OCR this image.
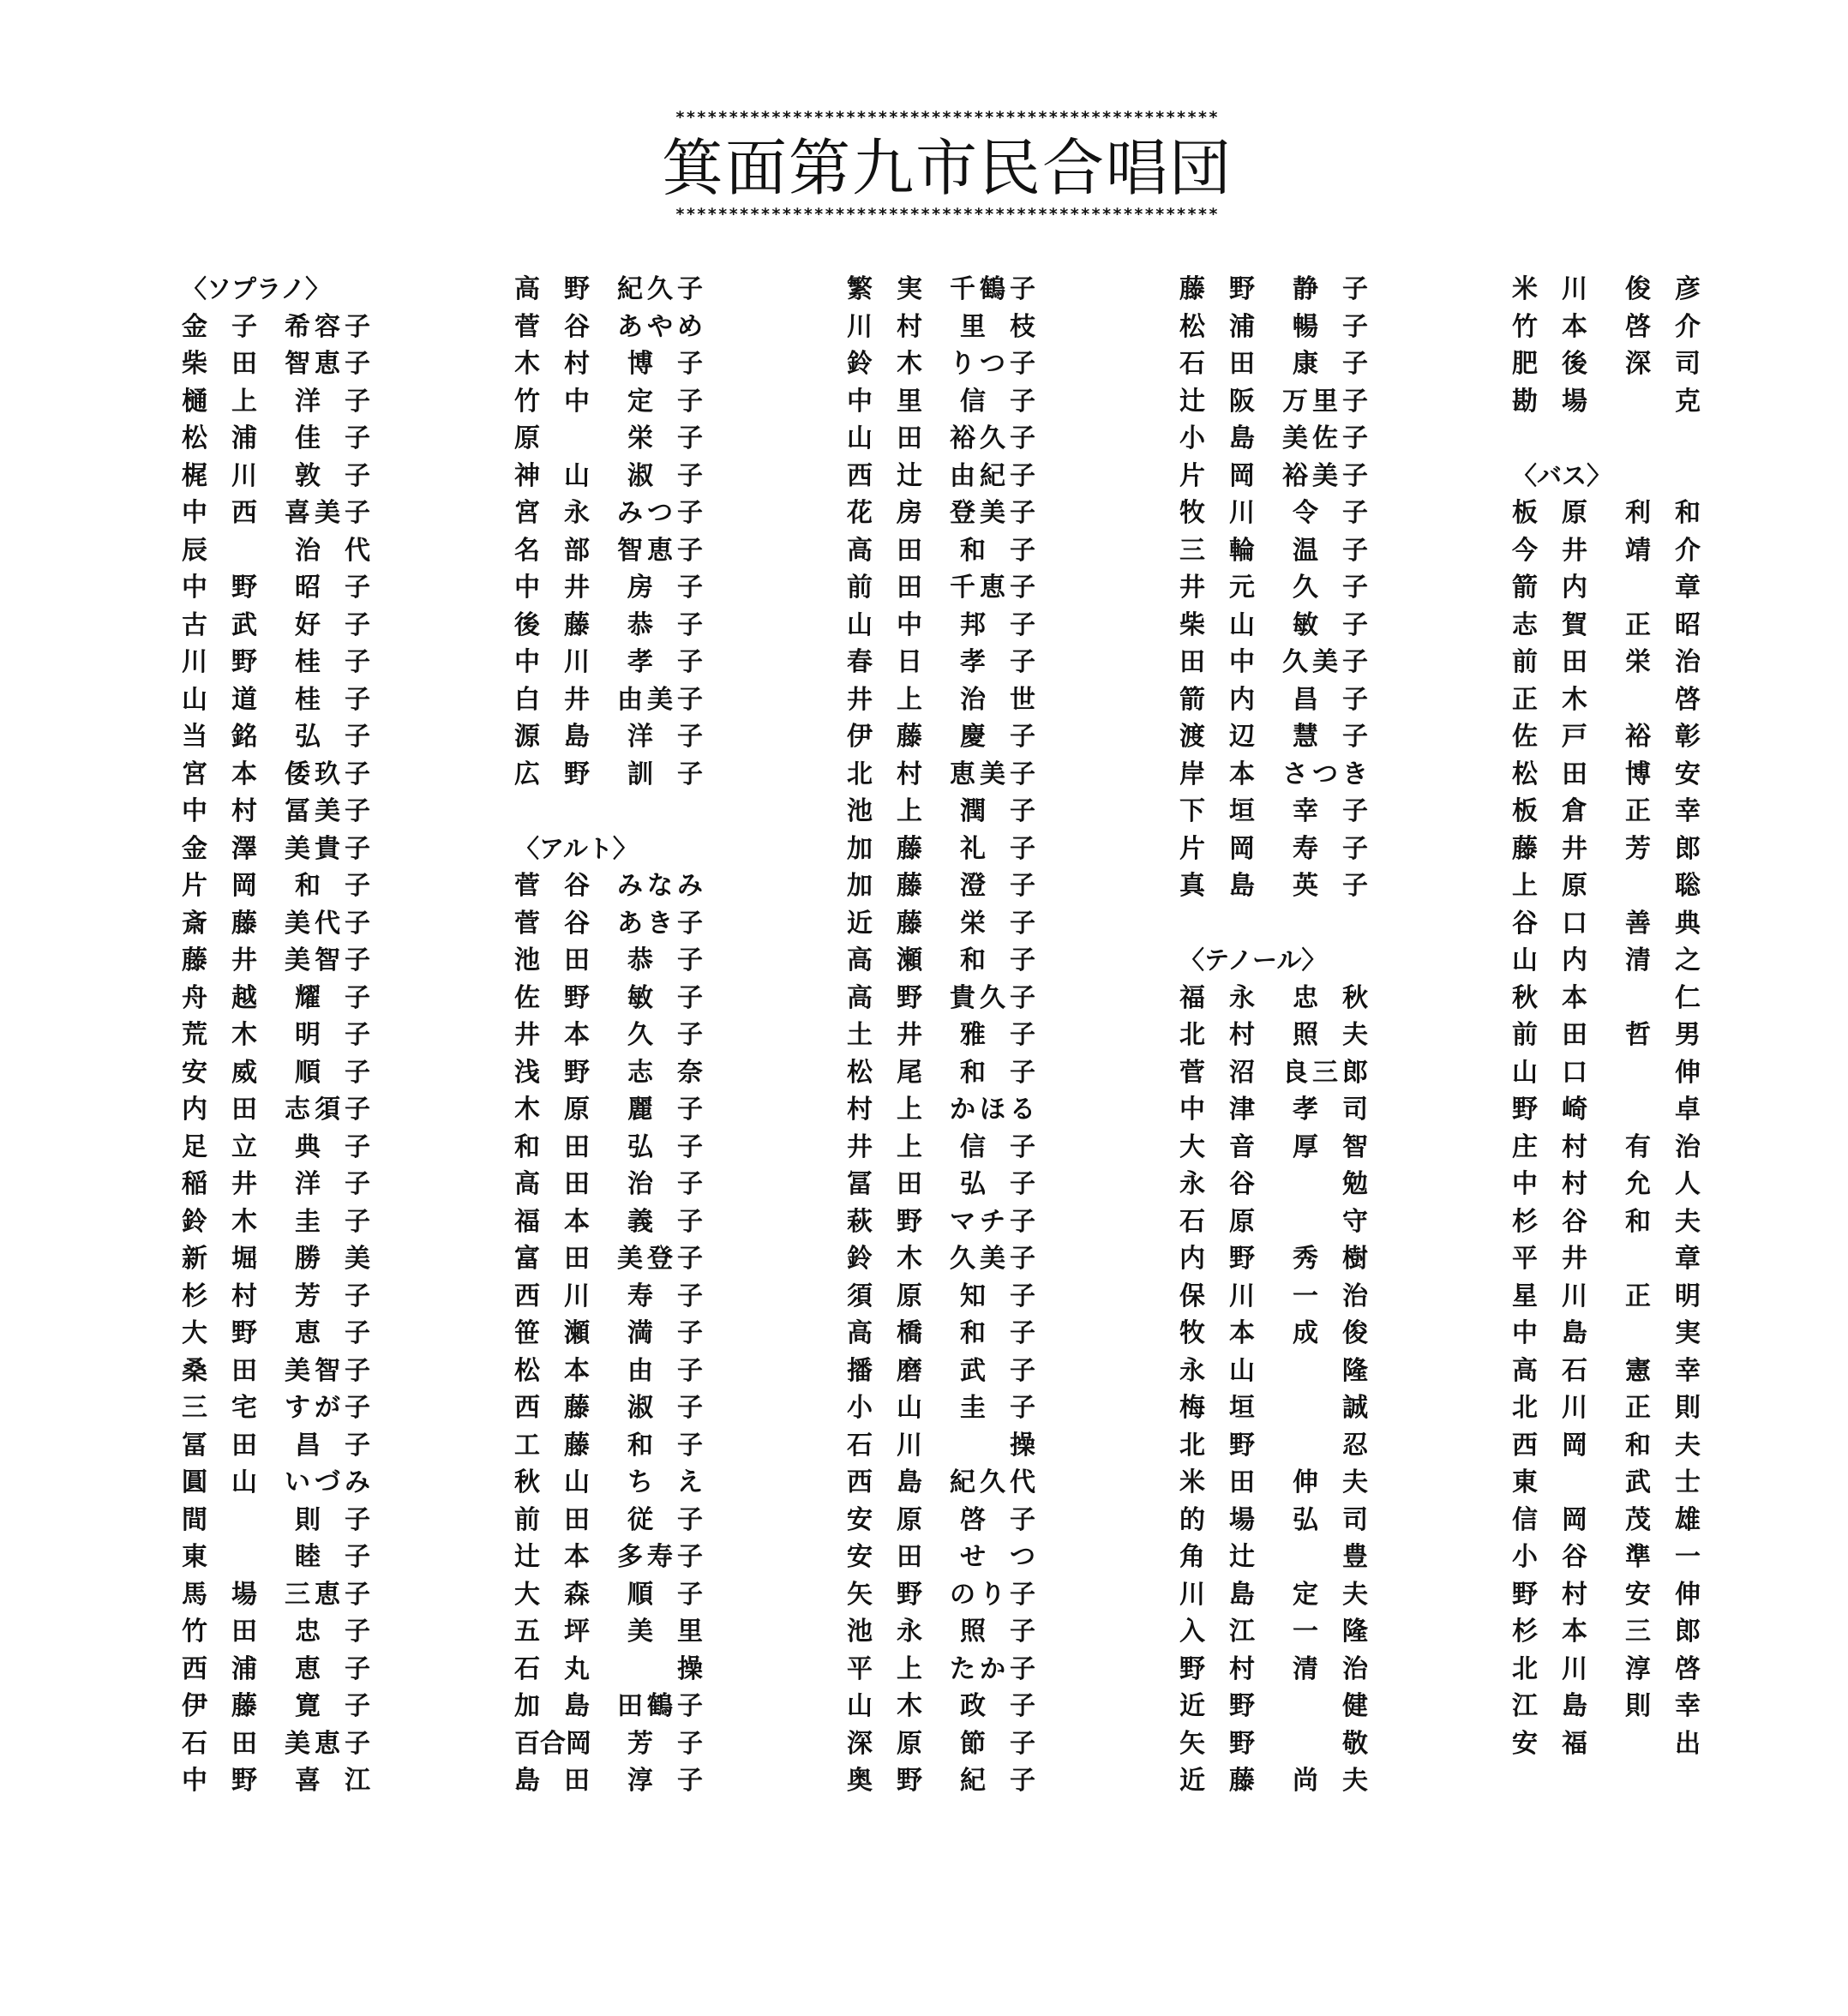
***************************************************
箕面第九市民合唱団
***************************************************
〈ソプラノ〉
金 子 希 容 子
柴 田 智 恵 子
樋 上 洋 子
松 浦 佳 子
梶 川 敦 子
中 西 喜 美 子
辰	治 代
中 野 昭 子
古 武 好 子
川 野 桂 子
山 道 桂 子
当 銘 弘 子
宮 本 倭 玖 子
中 村 冨 美 子
金 澤 美 貴 子
片 岡 和 子
斎 藤 美 代 子
藤 井 美 智 子
舟 越 耀 子
荒 木 明 子
安 威 順 子
内 田 志 須 子
足 立 典 子
稲 井 洋 子
鈴 木 圭 子
新 堀 勝 美
杉 村 芳 子
大 野 恵 子
桑 田 美 智 子
三 宅 す が 子
冨 田 昌 子
圓 山 い づ み
間	則 子
東	睦 子
馬 場 三 恵 子
竹 田 忠 子
西 浦 恵 子
伊 藤 寛 子
石 田 美 恵 子
中 野 喜 江
高 野 紀 久 子
菅 谷 あ や め
木 村 博 子
竹 中 定 子
原	栄 子
神 山 淑 子
宮 永 み つ 子
名 部 智 恵 子
中 井 房 子
後 藤 恭 子
中 川 孝 子
白 井 由 美 子
源 島 洋 子
広 野 訓 子
〈アルト〉
菅 谷 み な み
菅 谷 あ き 子
池 田 恭 子
佐 野 敏 子
井 本 久 子
浅 野 志 奈
木 原 麗 子
和 田 弘 子
高 田 治 子
福 本 義 子
富 田 美 登 子
西 川 寿 子
笹 瀬 満 子
松 本 由 子
西 藤 淑 子
工 藤 和 子
秋 山 ち え
前 田 従 子
辻 本 多 寿 子
大 森 順 子
五 坪 美 里
石 丸	操
加 島 田 鶴 子
百 合 岡 芳 子
島 田 淳 子
繁 実 千 鶴 子
川 村 里 枝
鈴 木 り つ 子
中 里 信 子
山 田 裕 久 子
西 辻 由 紀 子
花 房 登 美 子
高 田 和 子
前 田 千 恵 子
山 中 邦 子
春 日 孝 子
井 上 治 世
伊 藤 慶 子
北 村 恵 美 子
池 上 潤 子
加 藤 礼 子
加 藤 澄 子
近 藤 栄 子
高 瀬 和 子
高 野 貴 久 子
土 井 雅 子
松 尾 和 子
村 上 か ほ る
井 上 信 子
冨 田 弘 子
萩 野 マ チ 子
鈴 木 久 美 子
須 原 知 子
高 橋 和 子
播 磨 武 子
小 山 圭 子
石 川	操
西 島 紀 久 代
安 原 啓 子
安 田 せ つ
矢 野 の り 子
池 永 照 子
平 上 た か 子
山 木 政 子
深 原 節 子
奥 野 紀 子
藤 野 静 子
松 浦 暢 子
石 田 康 子
辻 阪 万 里 子
小 島 美 佐 子
片 岡 裕 美 子
牧 川 令 子
三 輪 温 子
井 元 久 子
柴 山 敏 子
田 中 久 美 子
箭 内 昌 子
渡 辺 慧 子
岸 本 さ つ き
下 垣 幸 子
片 岡 寿 子
真 島 英 子
〈テノール〉
福 永 忠 秋
北 村 照 夫
菅 沼 良 三 郎
中 津 孝 司
大 音 厚 智
永 谷	勉
石 原	守
内 野 秀 樹
保 川 一 治
牧 本 成 俊
永 山	隆
梅 垣	誠
北 野	忍
米 田 伸 夫
的 場 弘 司
角 辻	豊
川 島 定 夫
入 江 一 隆
野 村 清 治
近 野	健
矢 野	敬
近 藤 尚 夫
米 川 俊 彦
竹 本 啓 介
肥 後 深 司
勘 場	克
〈バス〉
板 原 利 和
今 井 靖 介
箭 内	章
志 賀 正 昭
前 田 栄 治
正 木	啓
佐 戸 裕 彰
松 田 博 安
板 倉 正 幸
藤 井 芳 郎
上 原	聡
谷 口 善 典
山 内 清 之
秋 本	仁
前 田 哲 男
山 口	伸
野 崎	卓
庄 村 有 治
中 村 允 人
杉 谷 和 夫
平 井	章
星 川 正 明
中 島	実
高 石 憲 幸
北 川 正 則
西 岡 和 夫
東	武 士
信 岡 茂 雄
小 谷 準 一
野 村 安 伸
杉 本 三 郎
北 川 淳 啓
江 島 則 幸
安 福	出
